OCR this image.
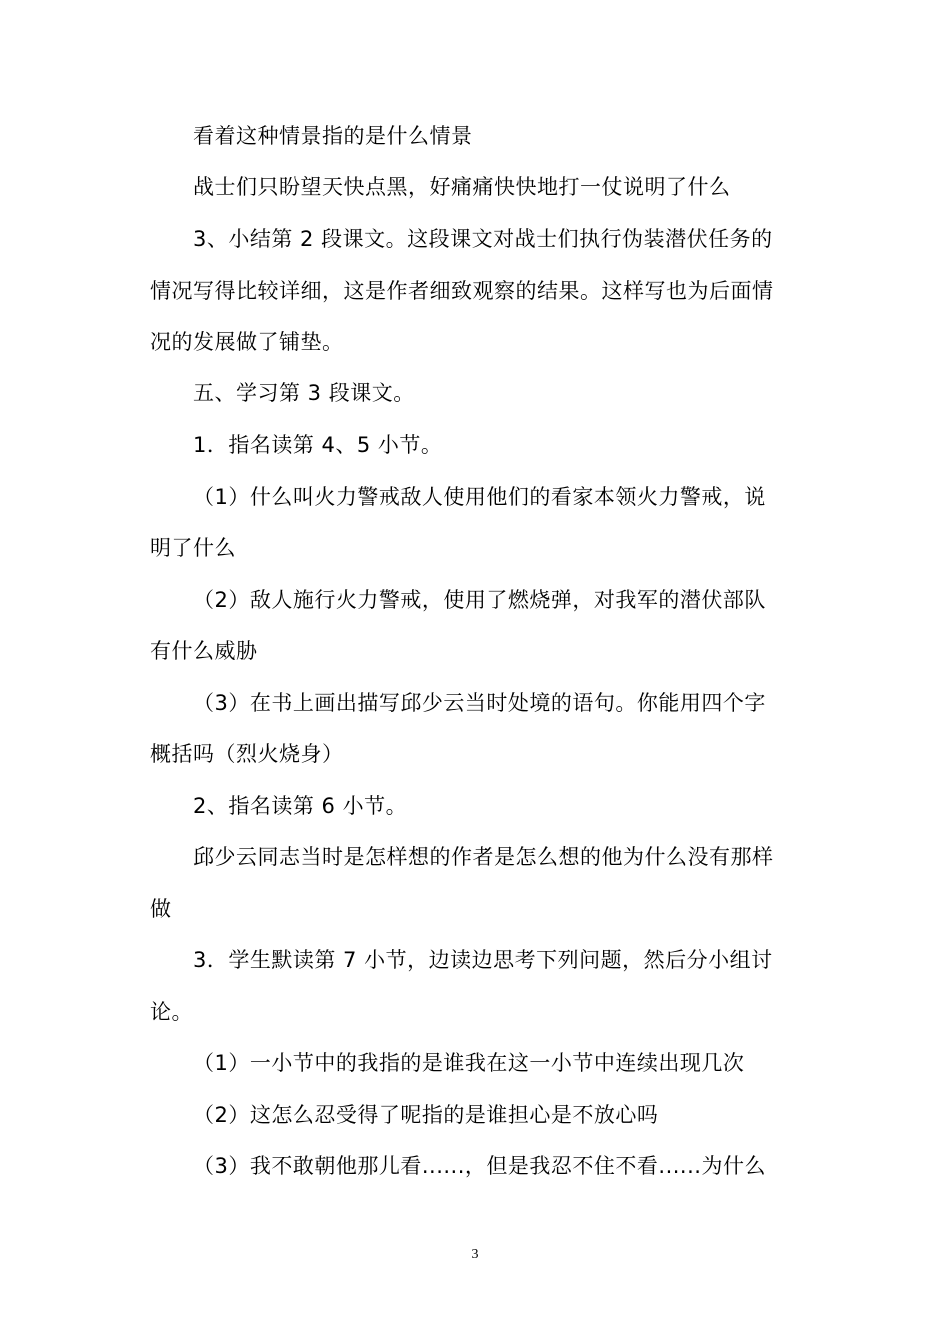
看着这种情景指的是什么情景
战士们只盼望天快点黑，好痛痛快快地打一仗说明了什么
3、小结第 2 段课文。这段课文对战士们执行伪装潜伏任务的
情况写得比较详细，这是作者细致观察的结果。这样写也为后面情
况的发展做了铺垫。
五、学习第 3 段课文。
1．指名读第 4、5 小节。
（1）什么叫火力警戒敌人使用他们的看家本领火力警戒，说
明了什么
（2）敌人施行火力警戒，使用了燃烧弹，对我军的潜伏部队
有什么威胁
（3）在书上画出描写邱少云当时处境的语句。你能用四个字
概括吗（烈火烧身）
2、指名读第 6 小节。
邱少云同志当时是怎样想的作者是怎么想的他为什么没有那样
做
3．学生默读第 7 小节，边读边思考下列问题，然后分小组讨
论。
（1）一小节中的我指的是谁我在这一小节中连续出现几次
（2）这怎么忍受得了呢指的是谁担心是不放心吗
（3）我不敢朝他那儿看......，但是我忍不住不看......为什么
3
